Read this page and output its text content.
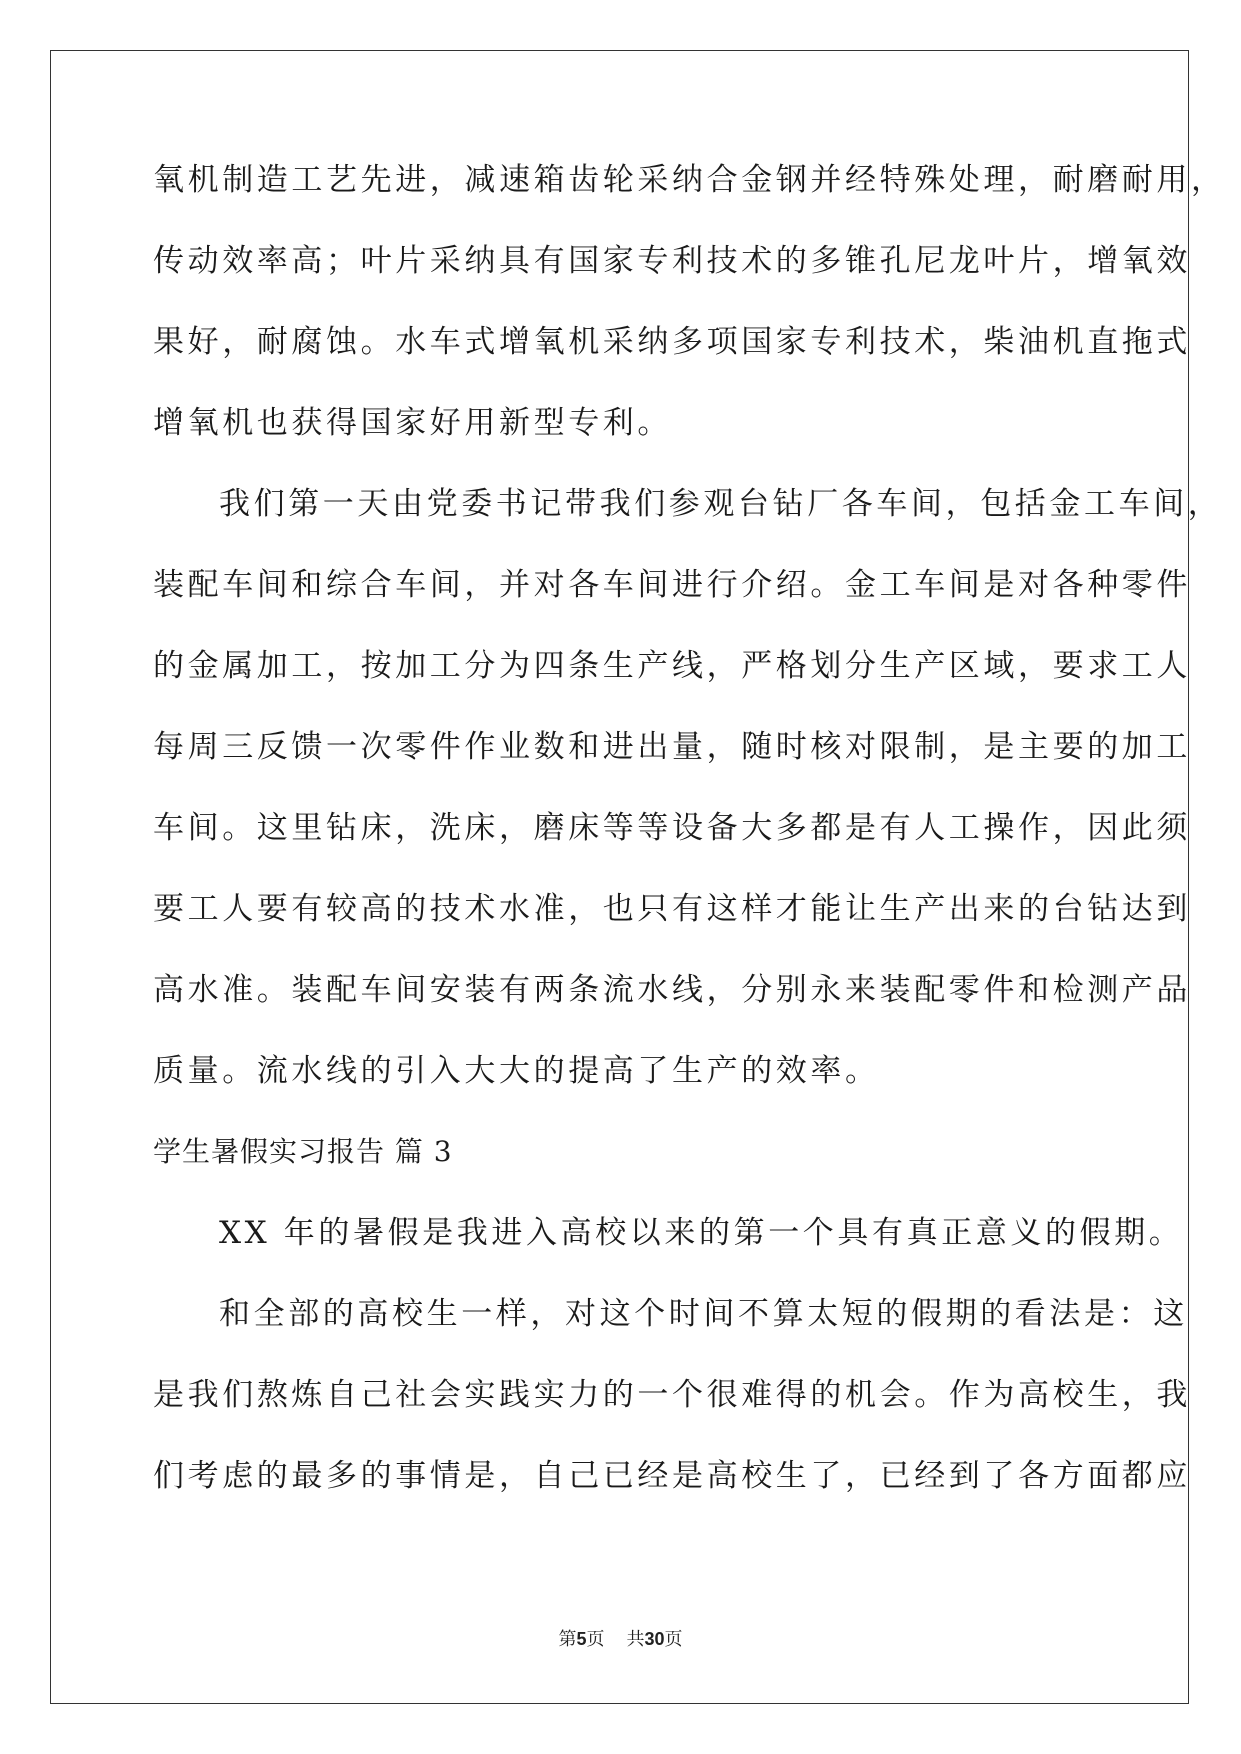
氧机制造工艺先进，减速箱齿轮采纳合金钢并经特殊处理，耐磨耐用，
传动效率高；叶片采纳具有国家专利技术的多锥孔尼龙叶片，增氧效
果好，耐腐蚀。水车式增氧机采纳多项国家专利技术，柴油机直拖式
增氧机也获得国家好用新型专利。
我们第一天由党委书记带我们参观台钻厂各车间，包括金工车间，
装配车间和综合车间，并对各车间进行介绍。金工车间是对各种零件
的金属加工，按加工分为四条生产线，严格划分生产区域，要求工人
每周三反馈一次零件作业数和进出量，随时核对限制，是主要的加工
车间。这里钻床，洗床，磨床等等设备大多都是有人工操作，因此须
要工人要有较高的技术水准，也只有这样才能让生产出来的台钻达到
高水准。装配车间安装有两条流水线，分别永来装配零件和检测产品
质量。流水线的引入大大的提高了生产的效率。
学生暑假实习报告 篇 3
XX 年的暑假是我进入高校以来的第一个具有真正意义的假期。
和全部的高校生一样，对这个时间不算太短的假期的看法是：这
是我们熬炼自己社会实践实力的一个很难得的机会。作为高校生，我
们考虑的最多的事情是，自己已经是高校生了，已经到了各方面都应
第5页 共30页
